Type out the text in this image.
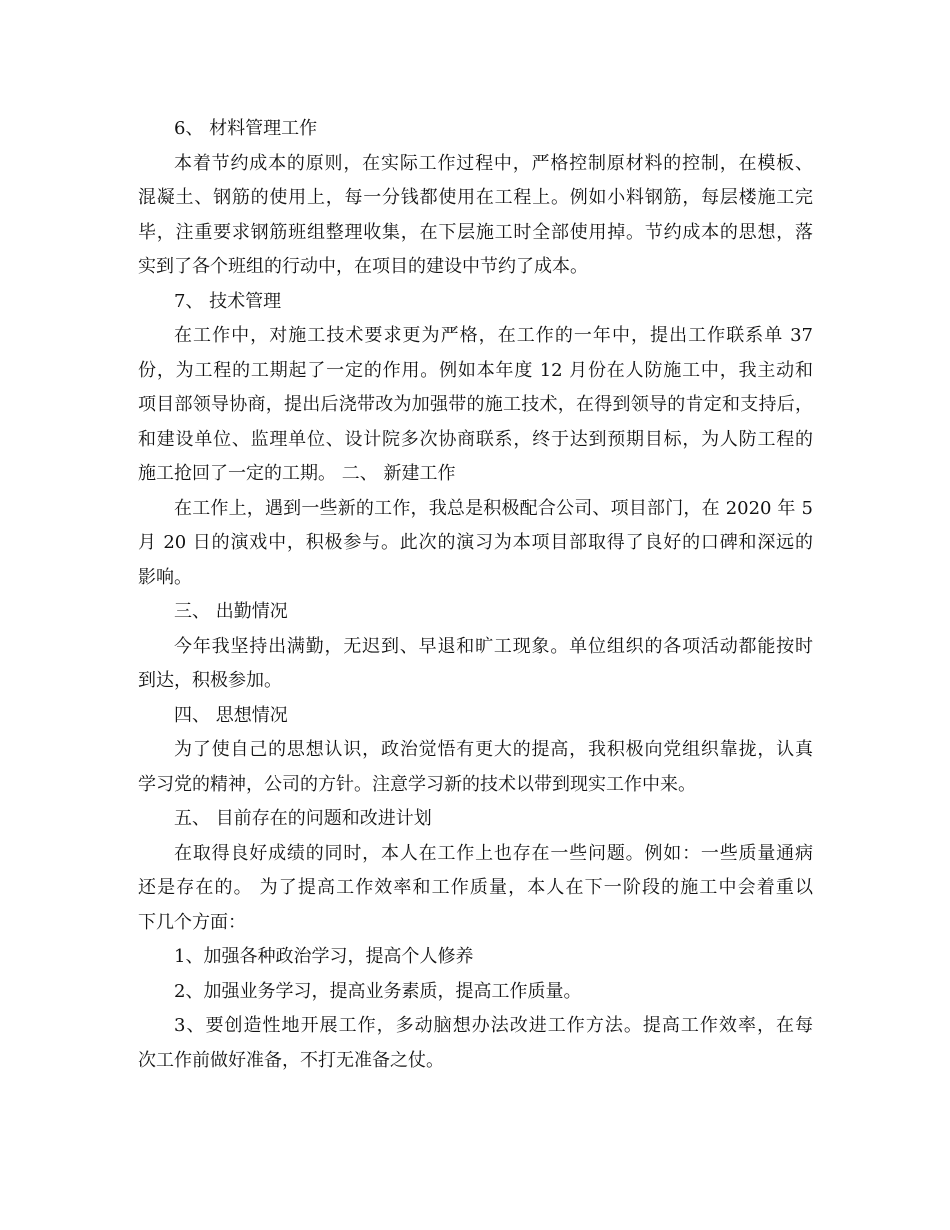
6、 材料管理工作
本着节约成本的原则，在实际工作过程中，严格控制原材料的控制，在模板、
混凝土、钢筋的使用上，每一分钱都使用在工程上。例如小料钢筋，每层楼施工完
毕，注重要求钢筋班组整理收集，在下层施工时全部使用掉。节约成本的思想，落
实到了各个班组的行动中，在项目的建设中节约了成本。
7、 技术管理
在工作中，对施工技术要求更为严格，在工作的一年中，提出工作联系单 37
份，为工程的工期起了一定的作用。例如本年度 12 月份在人防施工中，我主动和
项目部领导协商，提出后浇带改为加强带的施工技术，在得到领导的肯定和支持后，
和建设单位、监理单位、设计院多次协商联系，终于达到预期目标，为人防工程的
施工抢回了一定的工期。 二、 新建工作
在工作上，遇到一些新的工作，我总是积极配合公司、项目部门，在 2020 年 5
月 20 日的演戏中，积极参与。此次的演习为本项目部取得了良好的口碑和深远的
影响。
三、 出勤情况
今年我坚持出满勤，无迟到、早退和旷工现象。单位组织的各项活动都能按时
到达，积极参加。
四、 思想情况
为了使自己的思想认识，政治觉悟有更大的提高，我积极向党组织靠拢，认真
学习党的精神，公司的方针。注意学习新的技术以带到现实工作中来。
五、 目前存在的问题和改进计划
在取得良好成绩的同时，本人在工作上也存在一些问题。例如：一些质量通病
还是存在的。 为了提高工作效率和工作质量，本人在下一阶段的施工中会着重以
下几个方面：
1、加强各种政治学习，提高个人修养
2、加强业务学习，提高业务素质，提高工作质量。
3、要创造性地开展工作，多动脑想办法改进工作方法。提高工作效率，在每
次工作前做好准备，不打无准备之仗。
